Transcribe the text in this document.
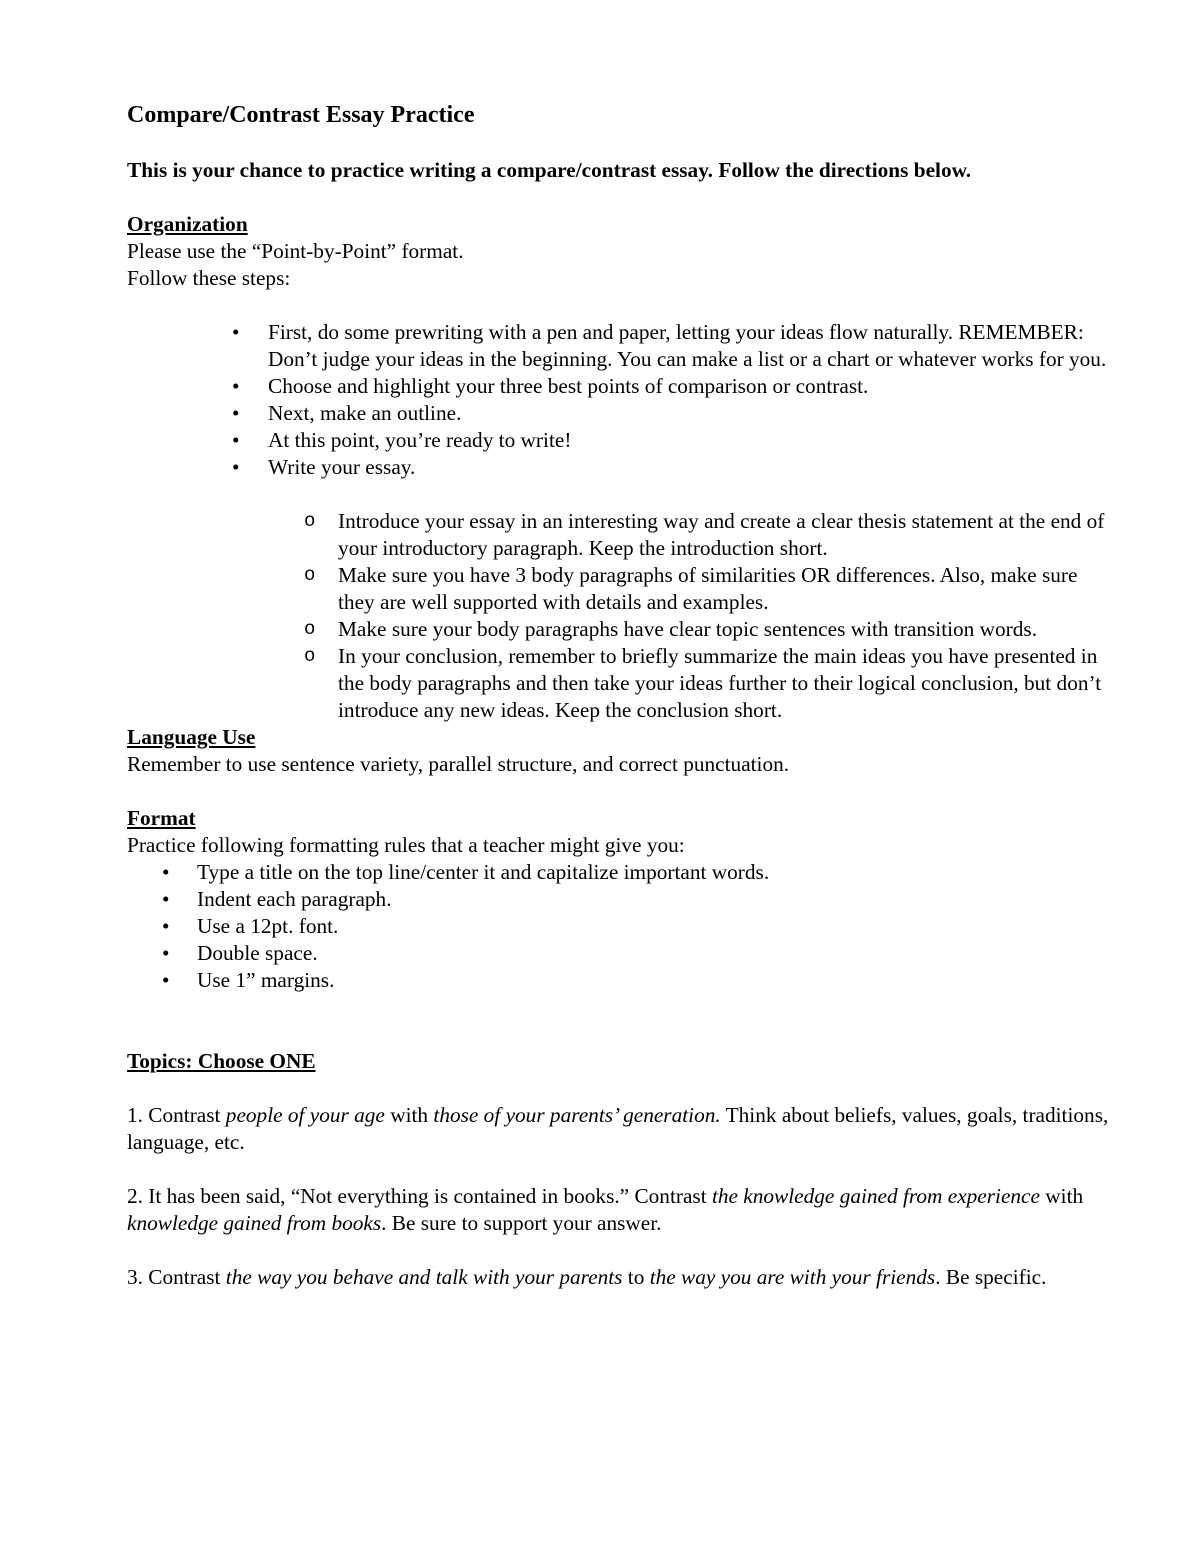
Compare/Contrast Essay Practice

This is your chance to practice writing a compare/contrast essay. Follow the directions below.

Organization

Please use the “Point-by-Point” format.

Follow these steps:

• First, do some prewriting with a pen and paper, letting your ideas flow naturally. REMEMBER: Don’t judge your ideas in the beginning. You can make a list or a chart or whatever works for you.
• Choose and highlight your three best points of comparison or contrast.
• Next, make an outline.
• At this point, you’re ready to write!
• Write your essay.
o Introduce your essay in an interesting way and create a clear thesis statement at the end of your introductory paragraph. Keep the introduction short.
o Make sure you have 3 body paragraphs of similarities OR differences. Also, make sure they are well supported with details and examples.
o Make sure your body paragraphs have clear topic sentences with transition words.
o In your conclusion, remember to briefly summarize the main ideas you have presented in the body paragraphs and then take your ideas further to their logical conclusion, but don’t introduce any new ideas. Keep the conclusion short.

Language Use

Remember to use sentence variety, parallel structure, and correct punctuation.

Format

Practice following formatting rules that a teacher might give you:

• Type a title on the top line/center it and capitalize important words.
• Indent each paragraph.
• Use a 12pt. font.
• Double space.
• Use 1” margins.

Topics: Choose ONE

1. Contrast people of your age with those of your parents’ generation. Think about beliefs, values, goals, traditions, language, etc.

2. It has been said, “Not everything is contained in books.” Contrast the knowledge gained from experience with knowledge gained from books. Be sure to support your answer.

3. Contrast the way you behave and talk with your parents to the way you are with your friends. Be specific.
